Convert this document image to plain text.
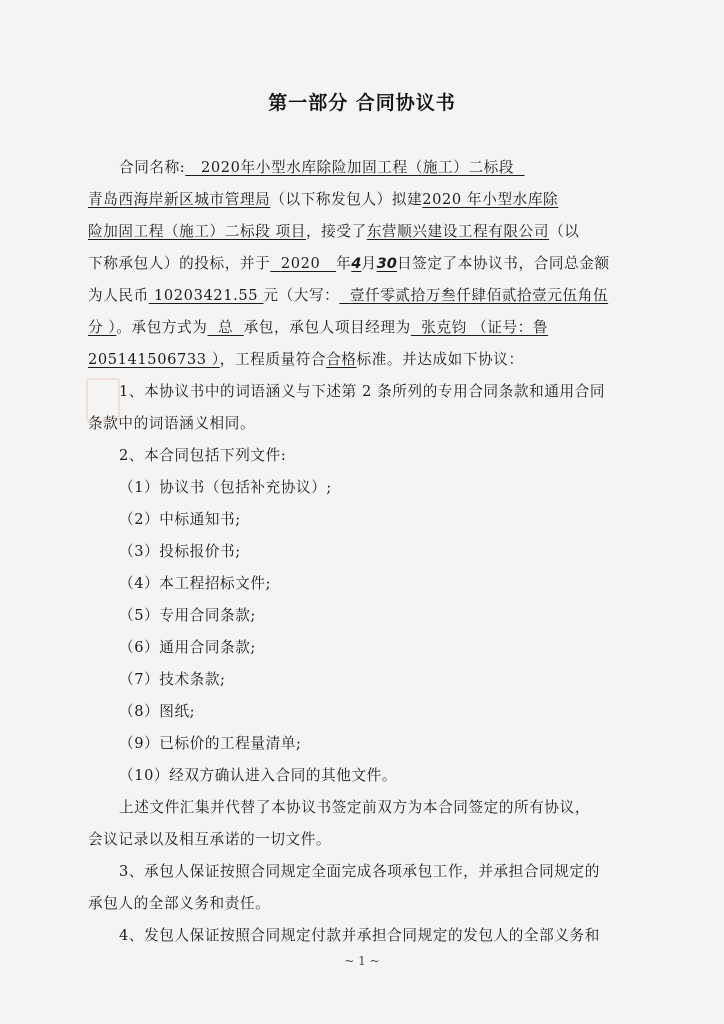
第一部分 合同协议书
合同名称: 2020年小型水库除险加固工程（施工）二标段
青岛西海岸新区城市管理局（以下称发包人）拟建2020 年小型水库除
险加固工程（施工）二标段 项目，接受了东营顺兴建设工程有限公司（以
下称承包人）的投标，并于 2020 年4月30日签定了本协议书，合同总金额
为人民币 10203421.55 元（大写： 壹仟零贰拾万叁仟肆佰贰拾壹元伍角伍
分 ）。承包方式为 总 承包，承包人项目经理为 张克钧 （证号：鲁
205141506733 ），工程质量符合合格标准。并达成如下协议：
1、本协议书中的词语涵义与下述第 2 条所列的专用合同条款和通用合同
条款中的词语涵义相同。
2、本合同包括下列文件:
（1）协议书（包括补充协议）;
（2）中标通知书;
（3）投标报价书;
（4）本工程招标文件;
（5）专用合同条款;
（6）通用合同条款;
（7）技术条款;
（8）图纸;
（9）已标价的工程量清单;
（10）经双方确认进入合同的其他文件。
上述文件汇集并代替了本协议书签定前双方为本合同签定的所有协议，
会议记录以及相互承诺的一切文件。
3、承包人保证按照合同规定全面完成各项承包工作，并承担合同规定的
承包人的全部义务和责任。
4、发包人保证按照合同规定付款并承担合同规定的发包人的全部义务和
~ 1 ~
